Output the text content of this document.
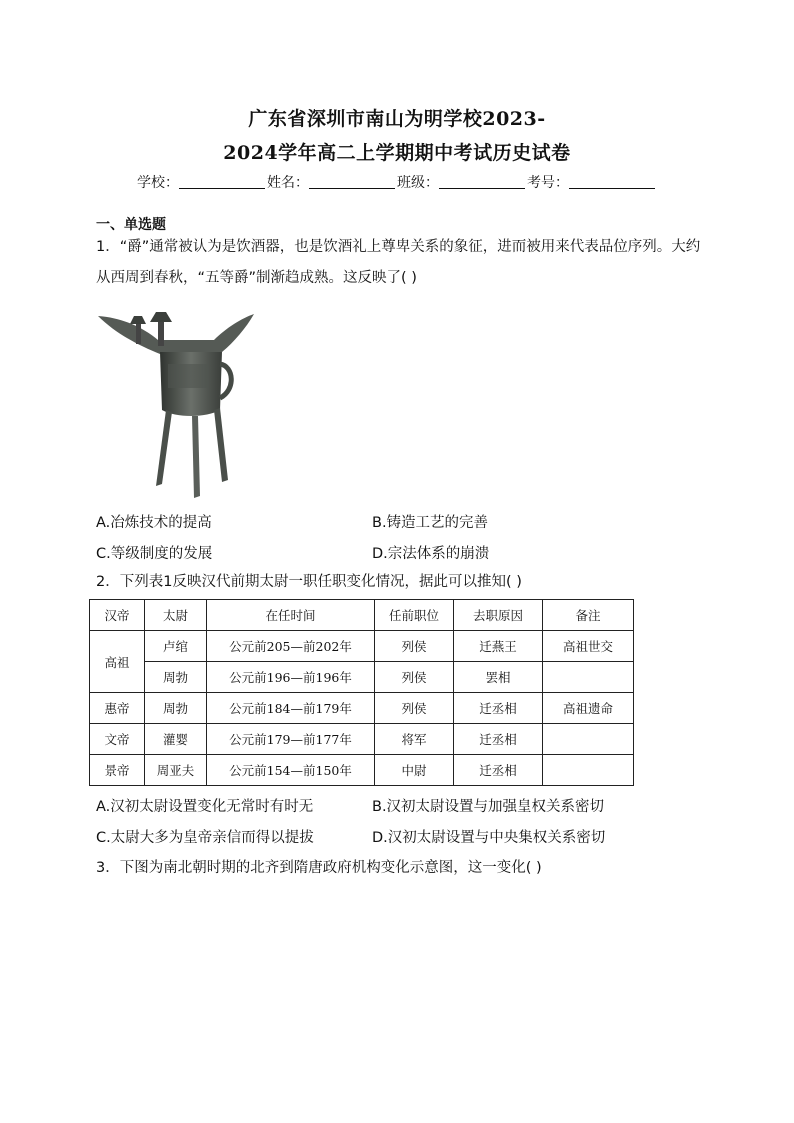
广东省深圳市南山为明学校2023-
2024学年高二上学期期中考试历史试卷
学校：	姓名：	班级：	考号：
一、单选题
1．“爵”通常被认为是饮酒器，也是饮酒礼上尊卑关系的象征，进而被用来代表品位序列。大约从西周到春秋，“五等爵”制渐趋成熟。这反映了( )
A.冶炼技术的提高	B.铸造工艺的完善
C.等级制度的发展	D.宗法体系的崩溃
2．下列表1反映汉代前期太尉一职任职变化情况，据此可以推知( )
汉帝	太尉	在任时间	任前职位	去职原因	备注
高祖	卢绾	公元前205—前202年	列侯	迁燕王	高祖世交
	周勃	公元前196—前196年	列侯	罢相	
惠帝	周勃	公元前184—前179年	列侯	迁丞相	高祖遗命
文帝	灌婴	公元前179—前177年	将军	迁丞相	
景帝	周亚夫	公元前154—前150年	中尉	迁丞相	
A.汉初太尉设置变化无常时有时无	B.汉初太尉设置与加强皇权关系密切
C.太尉大多为皇帝亲信而得以提拔	D.汉初太尉设置与中央集权关系密切
3．下图为南北朝时期的北齐到隋唐政府机构变化示意图，这一变化( )
